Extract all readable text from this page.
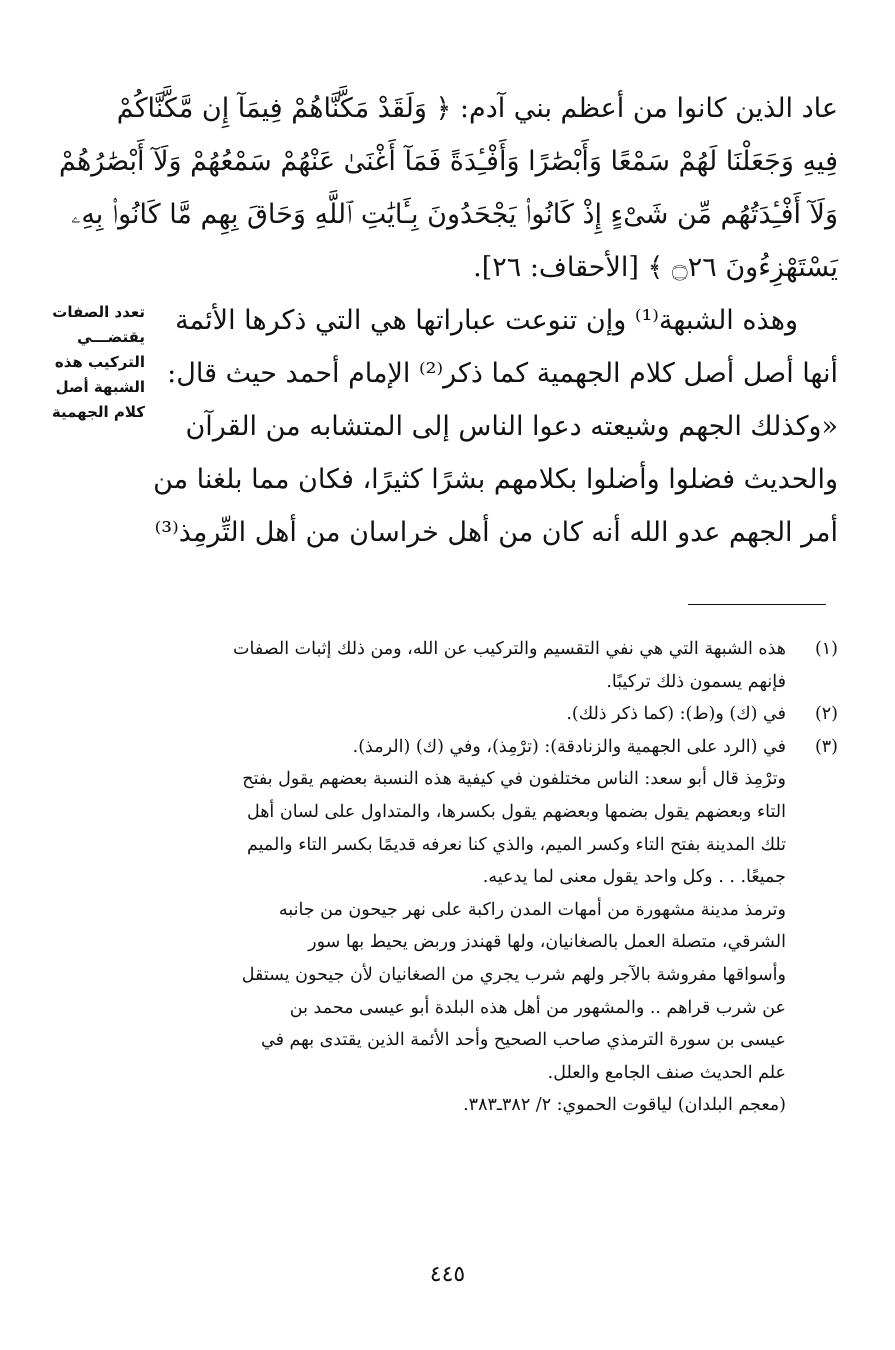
عاد الذين كانوا من أعظم بني آدم: ﴿ وَلَقَدْ مَكَّنَّاهُمْ فِيمَآ إِن مَّكَّنَّاكُمْ
فِيهِ وَجَعَلْنَا لَهُمْ سَمْعًا وَأَبْصَٰرًا وَأَفْـِٔدَةً فَمَآ أَغْنَىٰ عَنْهُمْ سَمْعُهُمْ وَلَآ أَبْصَٰرُهُمْ
وَلَآ أَفْـِٔدَتُهُم مِّن شَىْءٍ إِذْ كَانُوا۟ يَجْحَدُونَ بِـَٔايَٰتِ ٱللَّهِ وَحَاقَ بِهِم مَّا كَانُوا۟ بِهِۦ
يَسْتَهْزِءُونَ ۝٢٦ ﴾ [الأحقاف: ٢٦].
وهذه الشبهة⁽¹⁾ وإن تنوعت عباراتها هي التي ذكرها الأئمة
أنها أصل أصل كلام الجهمية كما ذكر⁽²⁾ الإمام أحمد حيث قال:
«وكذلك الجهم وشيعته دعوا الناس إلى المتشابه من القرآن
والحديث فضلوا وأضلوا بكلامهم بشرًا كثيرًا، فكان مما بلغنا من
أمر الجهم عدو الله أنه كان من أهل خراسان من أهل التِّرمِذ⁽³⁾
تعدد الصفات
يقتضـــي
التركيب هذه
الشبهة أصل
كلام الجهمية
(١)
هذه الشبهة التي هي نفي التقسيم والتركيب عن الله، ومن ذلك إثبات الصفات
فإنهم يسمون ذلك تركيبًا.
(٢)
في (ك) و(ط): (كما ذكر ذلك).
(٣)
في (الرد على الجهمية والزنادقة): (ترْمِذ)، وفي (ك) (الرمذ).
وترْمِذ قال أبو سعد: الناس مختلفون في كيفية هذه النسبة بعضهم يقول بفتح
التاء وبعضهم يقول بضمها وبعضهم يقول بكسرها، والمتداول على لسان أهل
تلك المدينة بفتح التاء وكسر الميم، والذي كنا نعرفه قديمًا بكسر التاء والميم
جميعًا. . . وكل واحد يقول معنى لما يدعيه.
وترمذ مدينة مشهورة من أمهات المدن راكبة على نهر جيحون من جانبه
الشرقي، متصلة العمل بالصغانيان، ولها قهندز وربض يحيط بها سور
وأسواقها مفروشة بالآجر ولهم شرب يجري من الصغانيان لأن جيحون يستقل
عن شرب قراهم .. والمشهور من أهل هذه البلدة أبو عيسى محمد بن
عيسى بن سورة الترمذي صاحب الصحيح وأحد الأئمة الذين يقتدى بهم في
علم الحديث صنف الجامع والعلل.
(معجم البلدان) لياقوت الحموي: ٢/ ٣٨٢ـ٣٨٣.
٤٤٥
